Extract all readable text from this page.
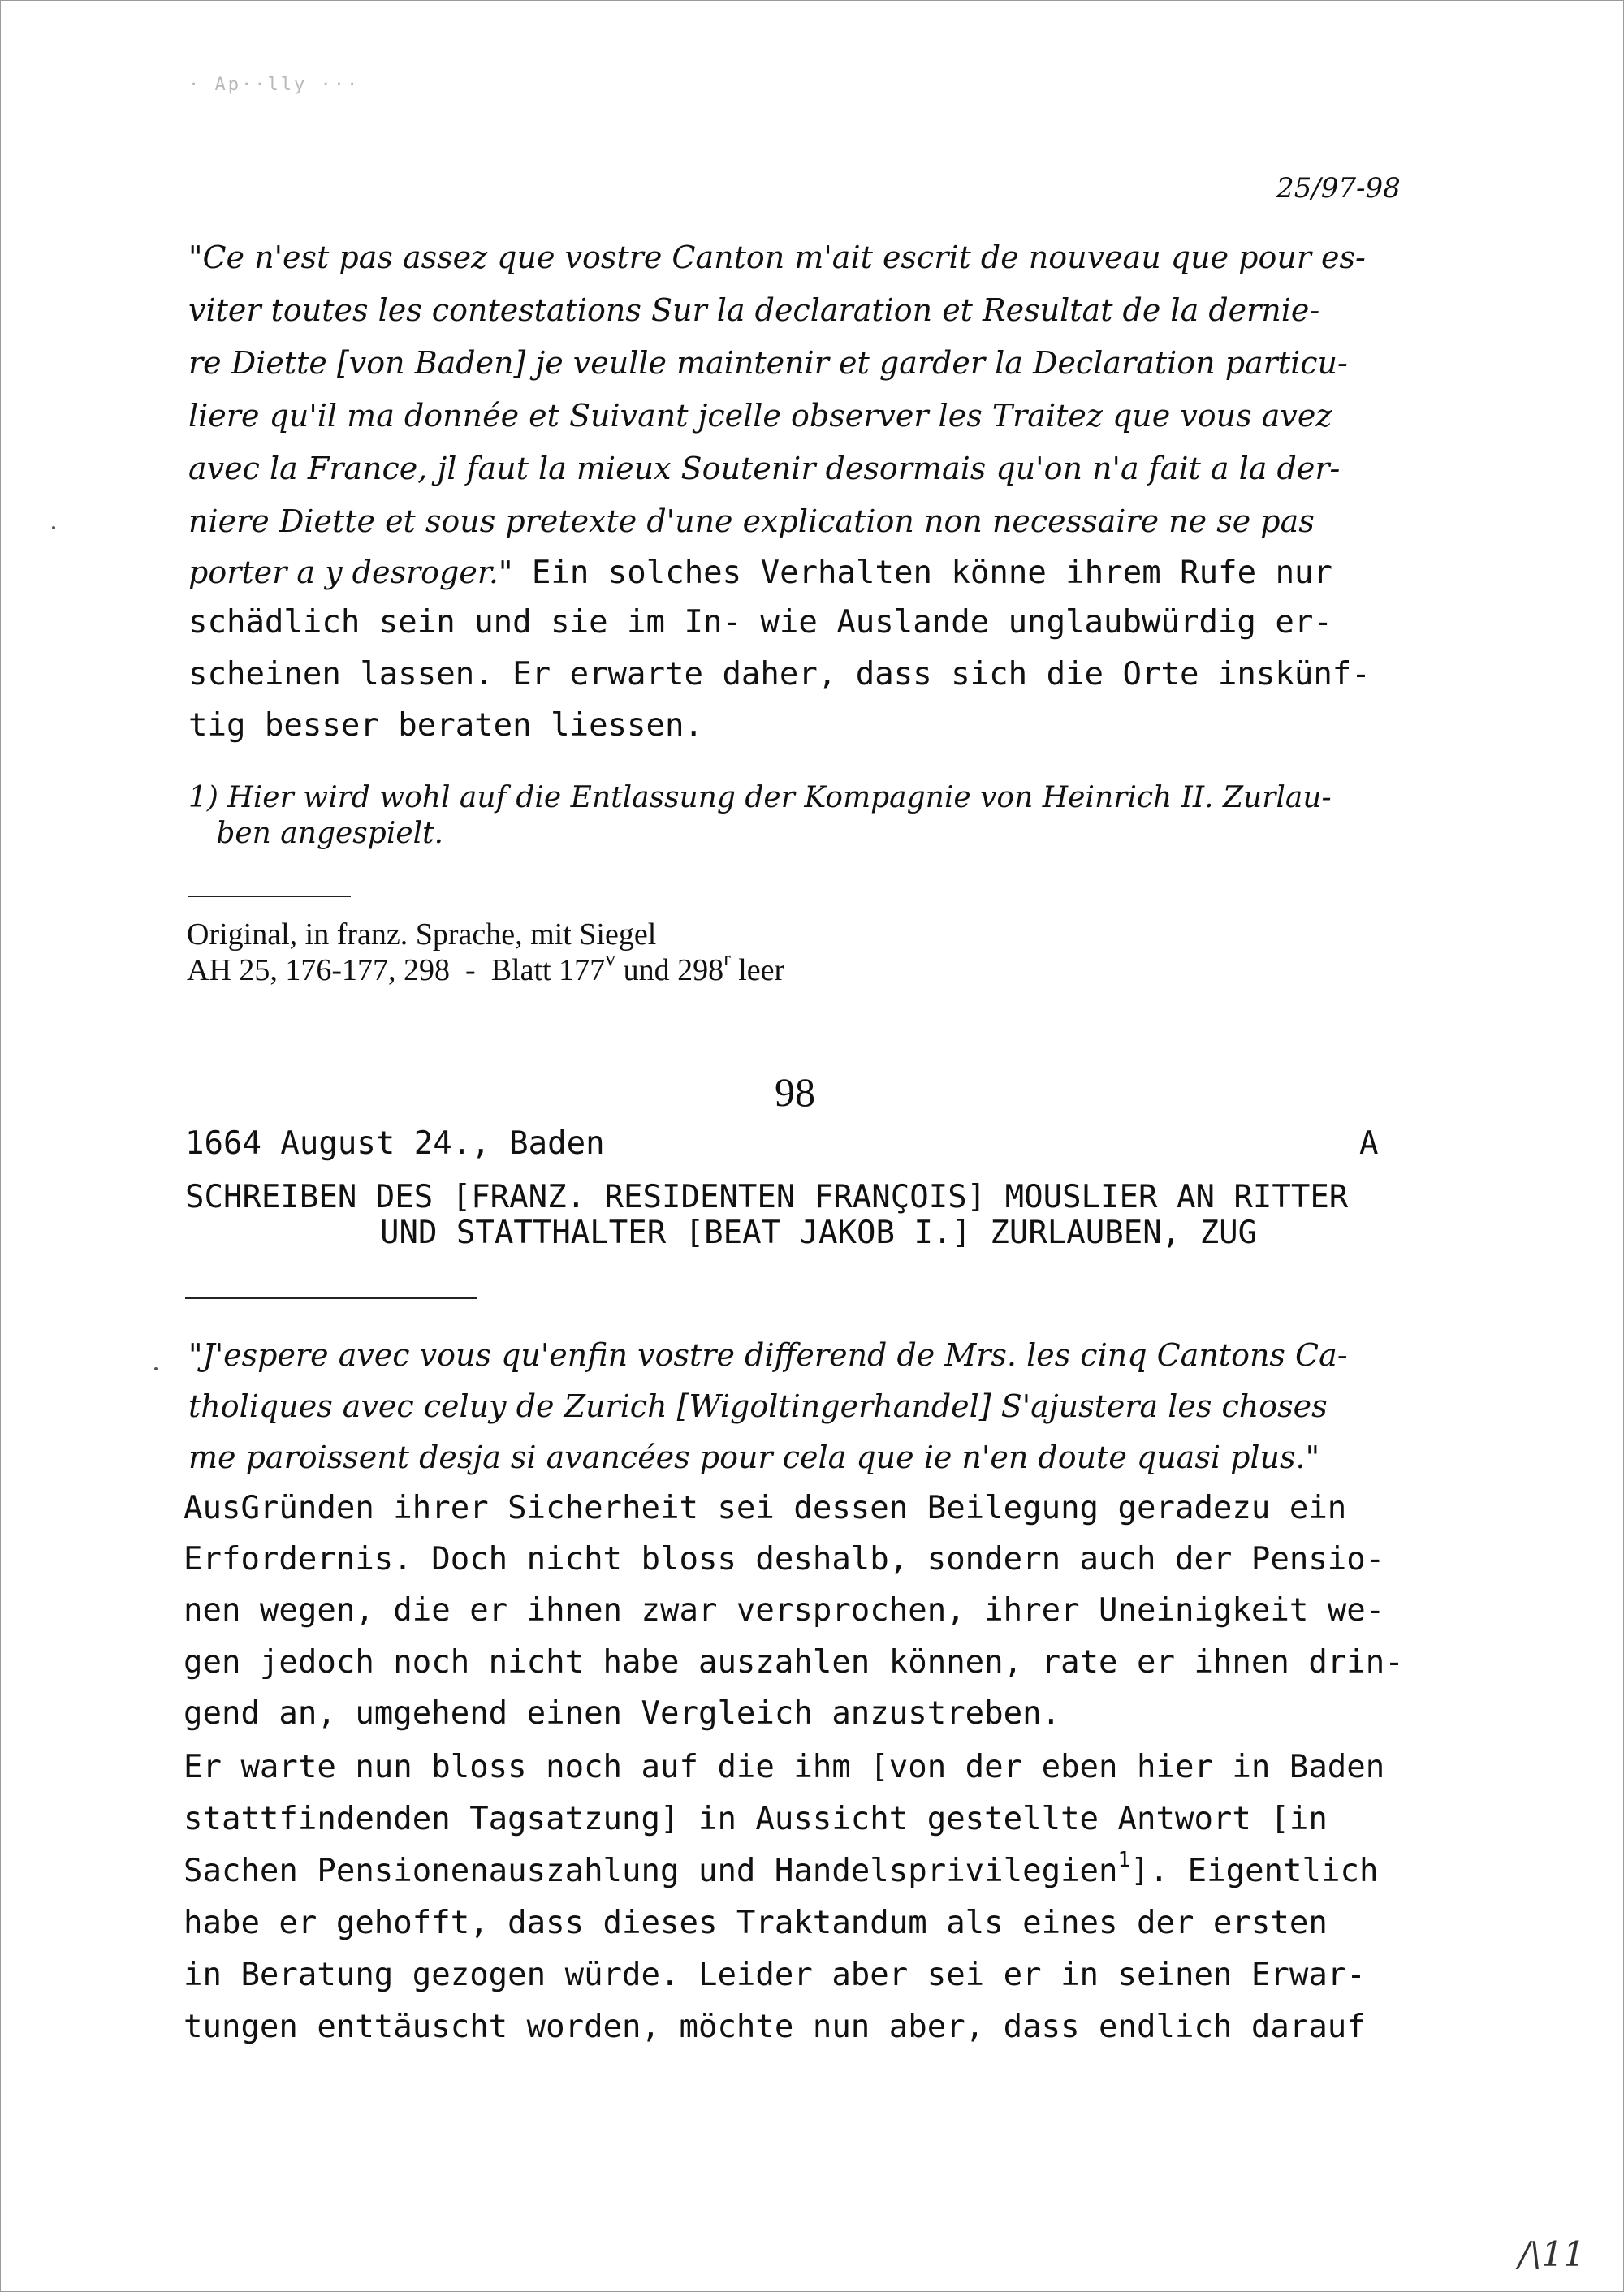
· Ap··lly ···
25/97-98
"Ce n'est pas assez que vostre Canton m'ait escrit de nouveau que pour es-
viter toutes les contestations Sur la declaration et Resultat de la dernie-
re Diette [von Baden] je veulle maintenir et garder la Declaration particu-
liere qu'il ma donnée et Suivant jcelle observer les Traitez que vous avez
avec la France, jl faut la mieux Soutenir desormais qu'on n'a fait a la der-
niere Diette et sous pretexte d'une explication non necessaire ne se pas
porter a y desroger." Ein solches Verhalten könne ihrem Rufe nur
schädlich sein und sie im In- wie Auslande unglaubwürdig er-
scheinen lassen. Er erwarte daher, dass sich die Orte inskünf-
tig besser beraten liessen.
1) Hier wird wohl auf die Entlassung der Kompagnie von Heinrich II. Zurlau-
ben angespielt.
Original, in franz. Sprache, mit Siegel
AH 25, 176-177, 298  -  Blatt 177$^v$ und 298$^r$ leer
98
1664 August 24., Baden	A
SCHREIBEN DES [FRANZ. RESIDENTEN FRANÇOIS] MOUSLIER AN RITTER
UND STATTHALTER [BEAT JAKOB I.] ZURLAUBEN, ZUG
"J'espere avec vous qu'enfin vostre differend de Mrs. les cinq Cantons Ca-
tholiques avec celuy de Zurich [Wigoltingerhandel] S'ajustera les choses
me paroissent desja si avancées pour cela que ie n'en doute quasi plus."
AusGründen ihrer Sicherheit sei dessen Beilegung geradezu ein
Erfordernis. Doch nicht bloss deshalb, sondern auch der Pensio-
nen wegen, die er ihnen zwar versprochen, ihrer Uneinigkeit we-
gen jedoch noch nicht habe auszahlen können, rate er ihnen drin-
gend an, umgehend einen Vergleich anzustreben.
Er warte nun bloss noch auf die ihm [von der eben hier in Baden
stattfindenden Tagsatzung] in Aussicht gestellte Antwort [in
Sachen Pensionenauszahlung und Handelsprivilegien$^1$]. Eigentlich
habe er gehofft, dass dieses Traktandum als eines der ersten
in Beratung gezogen würde. Leider aber sei er in seinen Erwar-
tungen enttäuscht worden, möchte nun aber, dass endlich darauf
/\11
